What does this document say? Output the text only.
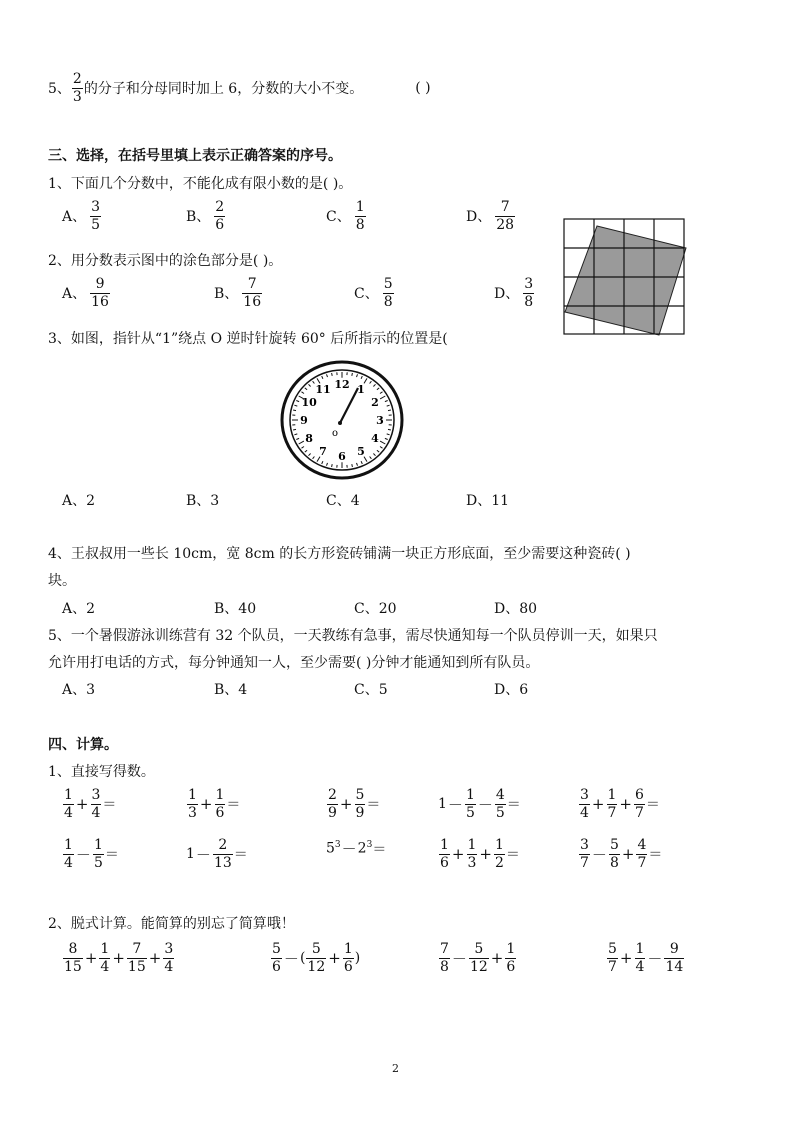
5、 $\frac{2}{3}$ 的分子和分母同时加上 6，分数的大小不变。	( )
三、选择，在括号里填上表示正确答案的序号。
1、下面几个分数中，不能化成有限小数的是( )。
A、 $\frac{3}{5}$	B、 $\frac{2}{6}$	C、 $\frac{1}{8}$	D、 $\frac{7}{28}$
2、用分数表示图中的涂色部分是( )。
A、 $\frac{9}{16}$	B、 $\frac{7}{16}$	C、 $\frac{5}{8}$	D、 $\frac{3}{8}$
3、如图，指针从“1”绕点 O 逆时针旋转 60° 后所指示的位置是(
12 1
2
3
4
5
6
7
8
9
10
11
o
A、2	B、3	C、4	D、11
4、王叔叔用一些长 10cm，宽 8cm 的长方形瓷砖铺满一块正方形底面，至少需要这种瓷砖( )
块。
A、2	B、40	C、20	D、80
5、一个暑假游泳训练营有 32 个队员，一天教练有急事，需尽快通知每一个队员停训一天，如果只
允许用打电话的方式，每分钟通知一人，至少需要( )分钟才能通知到所有队员。
A、3	B、4	C、5	D、6
四、计算。
1、直接写得数。
$\frac{1}{4} + \frac{3}{4}$ ＝	$\frac{1}{3} + \frac{1}{6}$ ＝	$\frac{2}{9} + \frac{5}{9}$ ＝	$1 - \frac{1}{5} - \frac{4}{5}$ ＝	$\frac{3}{4} + \frac{1}{7} + \frac{6}{7}$ ＝
$\frac{1}{4} - \frac{1}{5}$ ＝	$1 - \frac{2}{13}$ ＝	$5^3 - 2^3$ ＝	$\frac{1}{6} + \frac{1}{3} + \frac{1}{2}$ ＝	$\frac{3}{7} - \frac{5}{8} + \frac{4}{7}$ ＝
2、脱式计算。能简算的别忘了简算哦！
$\frac{8}{15} + \frac{1}{4} + \frac{7}{15} + \frac{3}{4}$	$\frac{5}{6}$ － ( $\frac{5}{12} + \frac{1}{6}$ )	$\frac{7}{8} - \frac{5}{12} + \frac{1}{6}$	$\frac{5}{7} + \frac{1}{4} - \frac{9}{14}$
2
